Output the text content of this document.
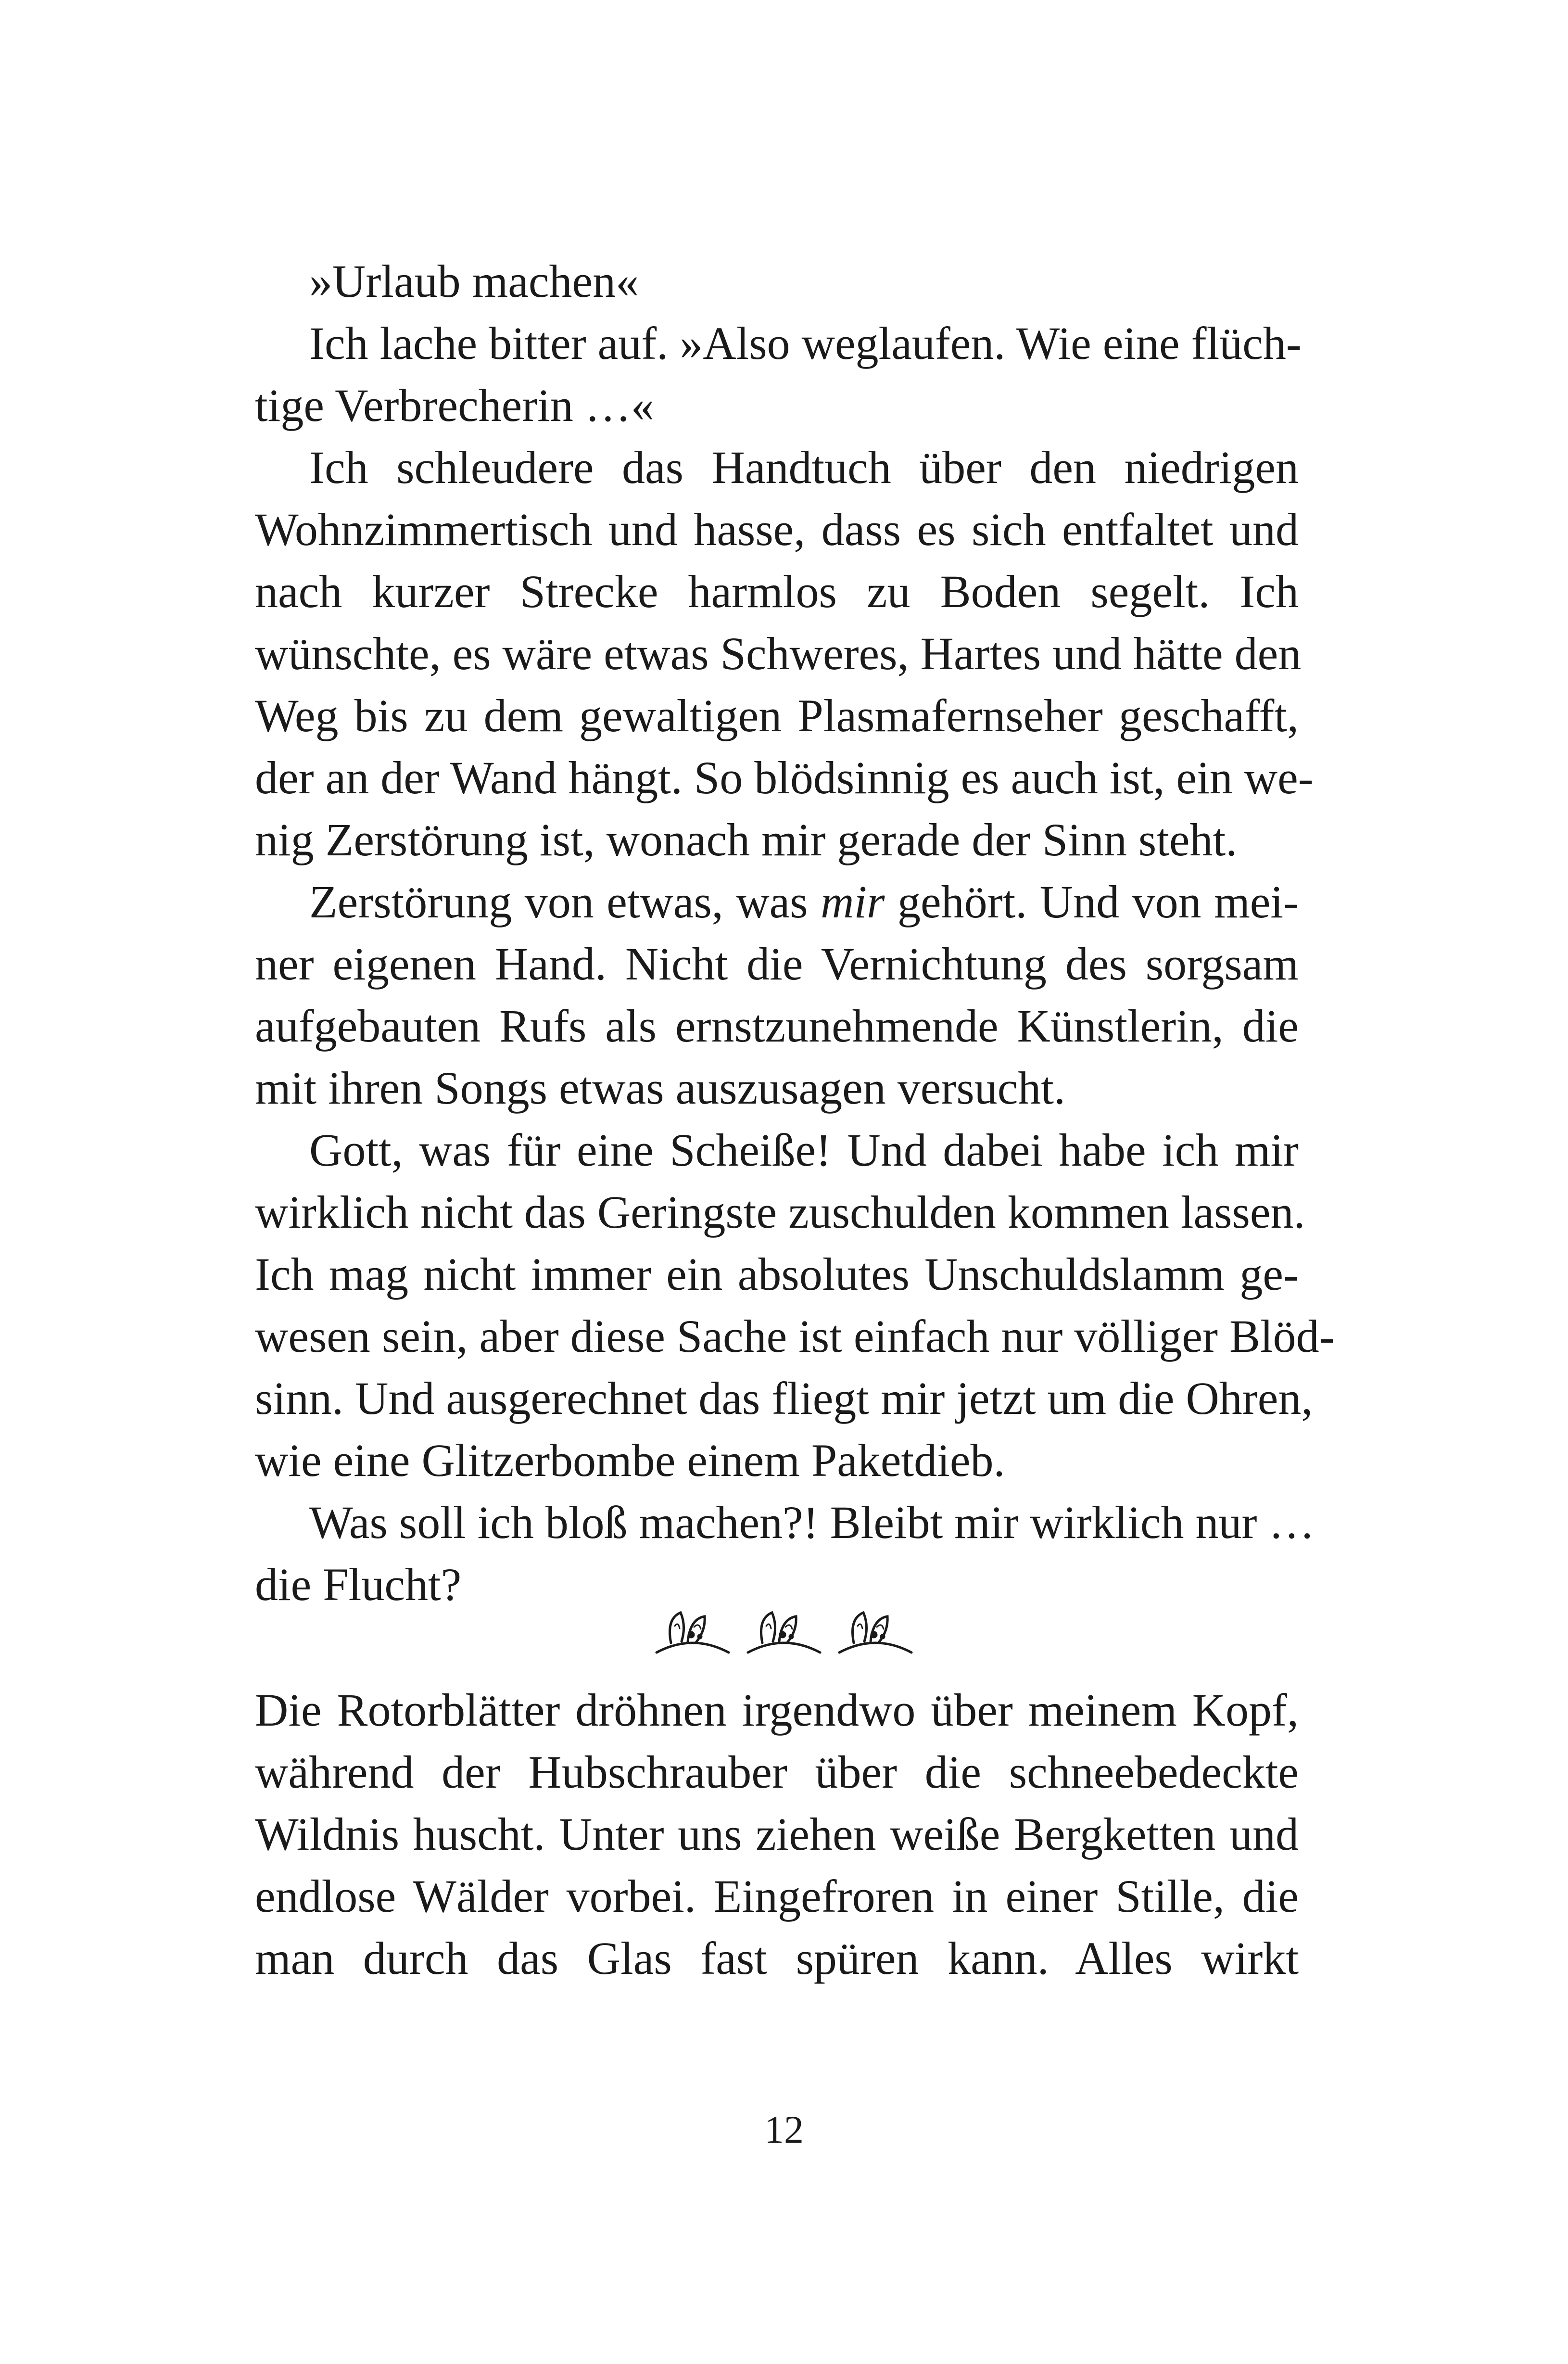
»Urlaub machen«
Ich lache bitter auf. »Also weglaufen. Wie eine flüch-
tige Verbrecherin …«
Ich schleudere das Handtuch über den niedrigen
Wohnzimmertisch und hasse, dass es sich entfaltet und
nach kurzer Strecke harmlos zu Boden segelt. Ich
wünschte, es wäre etwas Schweres, Hartes und hätte den
Weg bis zu dem gewaltigen Plasmafernseher geschafft,
der an der Wand hängt. So blödsinnig es auch ist, ein we-
nig Zerstörung ist, wonach mir gerade der Sinn steht.
Zerstörung von etwas, was mir gehört. Und von mei-
ner eigenen Hand. Nicht die Vernichtung des sorgsam
aufgebauten Rufs als ernstzunehmende Künstlerin, die
mit ihren Songs etwas auszusagen versucht.
Gott, was für eine Scheiße! Und dabei habe ich mir
wirklich nicht das Geringste zuschulden kommen lassen.
Ich mag nicht immer ein absolutes Unschuldslamm ge-
wesen sein, aber diese Sache ist einfach nur völliger Blöd-
sinn. Und ausgerechnet das fliegt mir jetzt um die Ohren,
wie eine Glitzerbombe einem Paketdieb.
Was soll ich bloß machen?! Bleibt mir wirklich nur …
die Flucht?
Die Rotorblätter dröhnen irgendwo über meinem Kopf,
während der Hubschrauber über die schneebedeckte
Wildnis huscht. Unter uns ziehen weiße Bergketten und
endlose Wälder vorbei. Eingefroren in einer Stille, die
man durch das Glas fast spüren kann. Alles wirkt
12
